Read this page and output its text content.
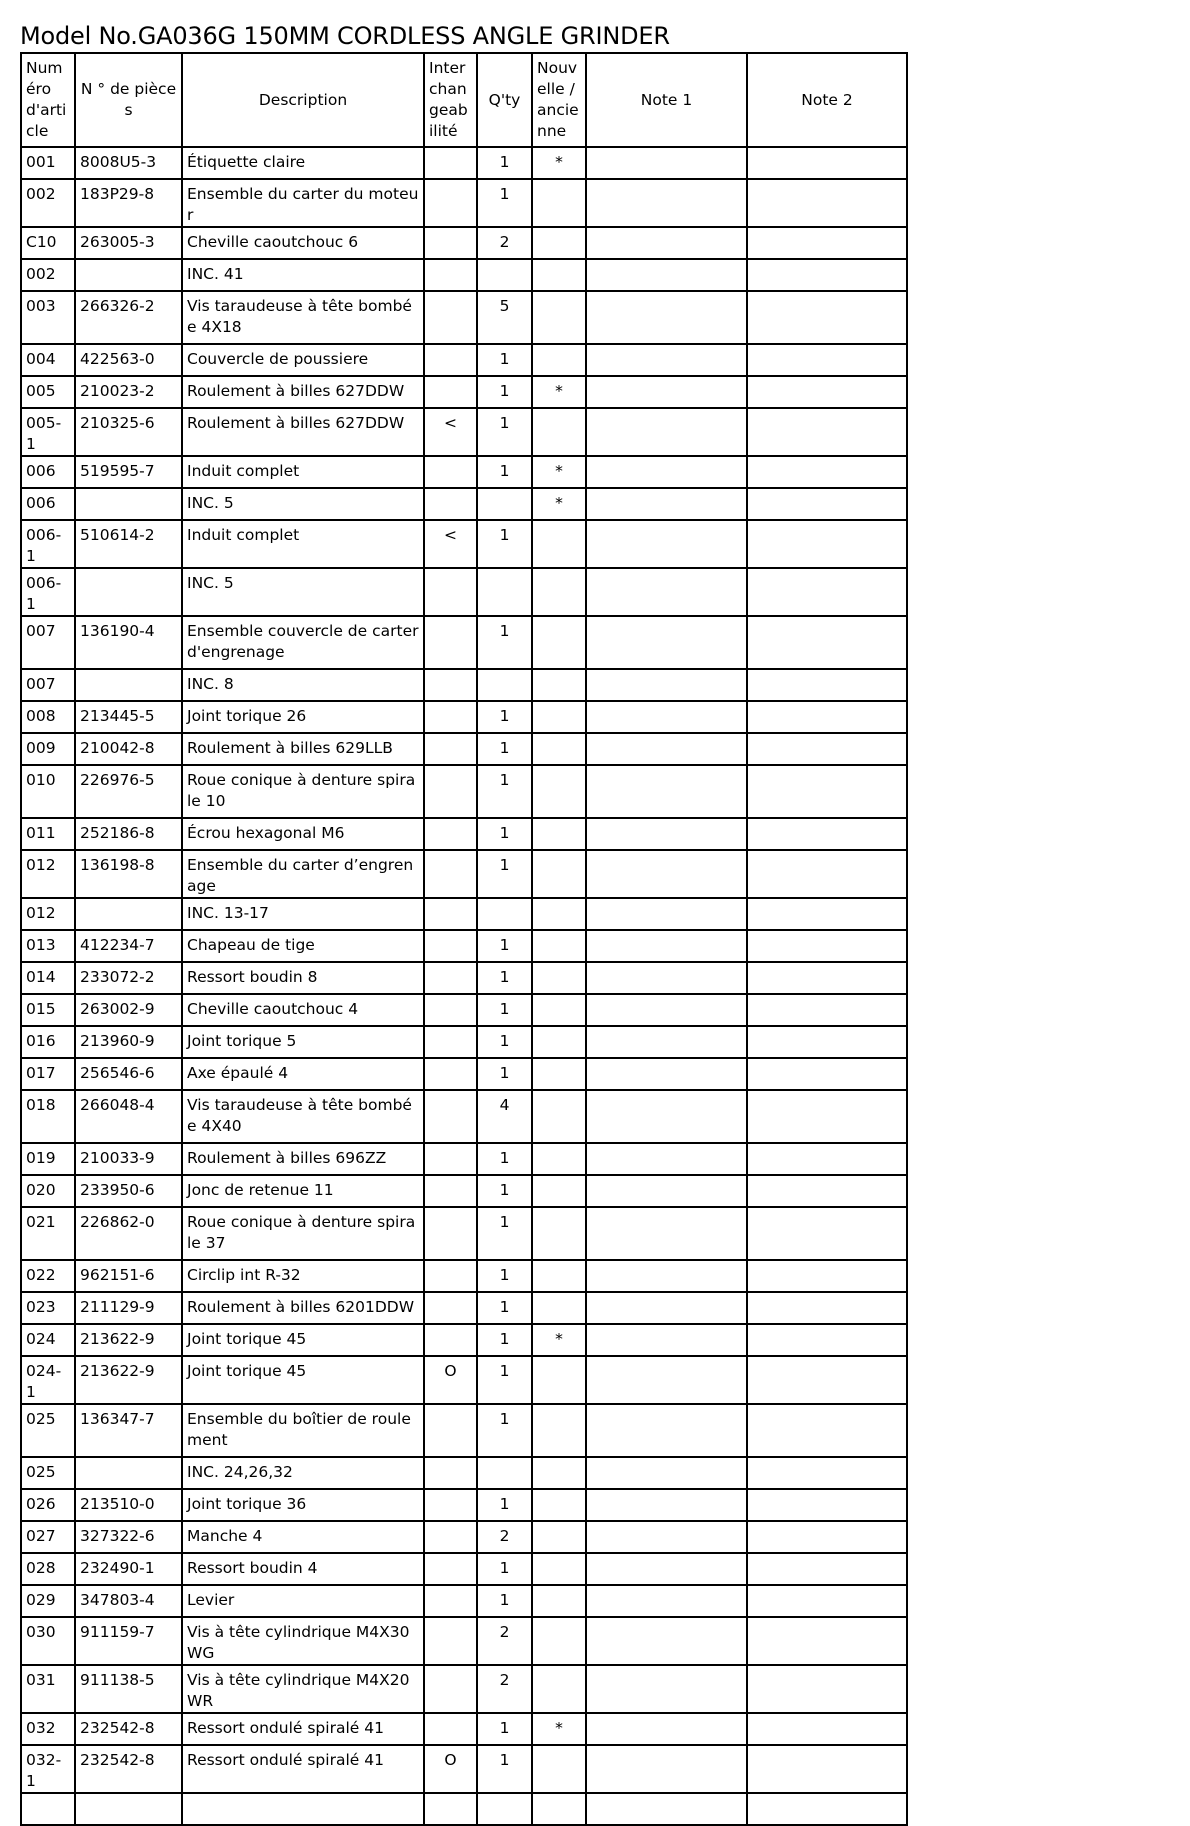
Model No.GA036G 150MM CORDLESS ANGLE GRINDER
Numéro d'article	N ° de pièces	Description	Interchangeabilité	Q'ty	Nouvelle / ancienne	Note 1	Note 2
001	8008U5-3	Étiquette claire		1	*		
002	183P29-8	Ensemble du carter du moteur		1			
C10	263005-3	Cheville caoutchouc 6		2			
002		INC. 41					
003	266326-2	Vis taraudeuse à tête bombée 4X18		5			
004	422563-0	Couvercle de poussiere		1			
005	210023-2	Roulement à billes 627DDW		1	*		
005-1	210325-6	Roulement à billes 627DDW	<	1			
006	519595-7	Induit complet		1	*		
006		INC. 5			*		
006-1	510614-2	Induit complet	<	1			
006-1		INC. 5					
007	136190-4	Ensemble couvercle de carter d'engrenage		1			
007		INC. 8					
008	213445-5	Joint torique 26		1			
009	210042-8	Roulement à billes 629LLB		1			
010	226976-5	Roue conique à denture spirale 10		1			
011	252186-8	Écrou hexagonal M6		1			
012	136198-8	Ensemble du carter d’engrenage		1			
012		INC. 13-17					
013	412234-7	Chapeau de tige		1			
014	233072-2	Ressort boudin 8		1			
015	263002-9	Cheville caoutchouc 4		1			
016	213960-9	Joint torique 5		1			
017	256546-6	Axe épaulé 4		1			
018	266048-4	Vis taraudeuse à tête bombée 4X40		4			
019	210033-9	Roulement à billes 696ZZ		1			
020	233950-6	Jonc de retenue 11		1			
021	226862-0	Roue conique à denture spirale 37		1			
022	962151-6	Circlip int R-32		1			
023	211129-9	Roulement à billes 6201DDW		1			
024	213622-9	Joint torique 45		1	*		
024-1	213622-9	Joint torique 45	O	1			
025	136347-7	Ensemble du boîtier de roulement		1			
025		INC. 24,26,32					
026	213510-0	Joint torique 36		1			
027	327322-6	Manche 4		2			
028	232490-1	Ressort boudin 4		1			
029	347803-4	Levier		1			
030	911159-7	Vis à tête cylindrique M4X30 WG		2			
031	911138-5	Vis à tête cylindrique M4X20 WR		2			
032	232542-8	Ressort ondulé spiralé 41		1	*		
032-1	232542-8	Ressort ondulé spiralé 41	O	1			
